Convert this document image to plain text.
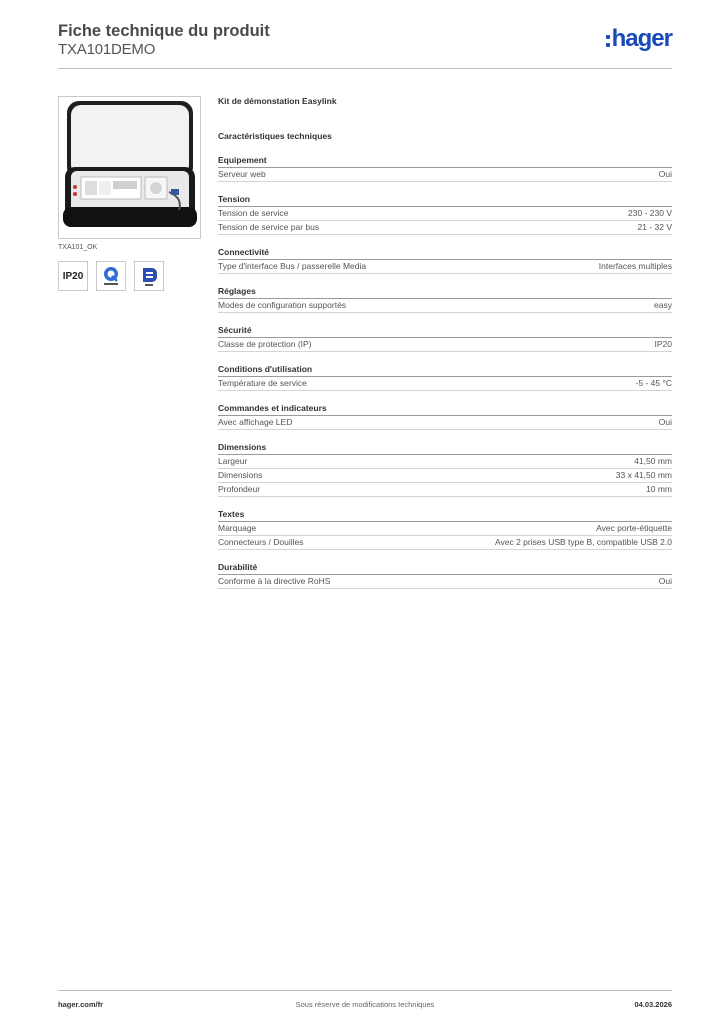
Fiche technique du produit
TXA101DEMO	hager
TXA101_OK
IP20
Kit de démonstation Easylink
Caractéristiques techniques
Equipement
Serveur web	Oui
Tension
Tension de service	230 - 230 V
Tension de service par bus	21 - 32 V
Connectivité
Type d'interface Bus / passerelle Media	Interfaces multiples
Réglages
Modes de configuration supportés	easy
Sécurité
Classe de protection (IP)	IP20
Conditions d'utilisation
Température de service	-5 - 45 °C
Commandes et indicateurs
Avec affichage LED	Oui
Dimensions
Largeur	41,50 mm
Dimensions	33 x 41,50 mm
Profondeur	10 mm
Textes
Marquage	Avec porte-étiquette
Connecteurs / Douilles	Avec 2 prises USB type B, compatible USB 2.0
Durabilité
Conforme à la directive RoHS	Oui
hager.com/fr	Sous réserve de modifications techniques	04.03.2026
